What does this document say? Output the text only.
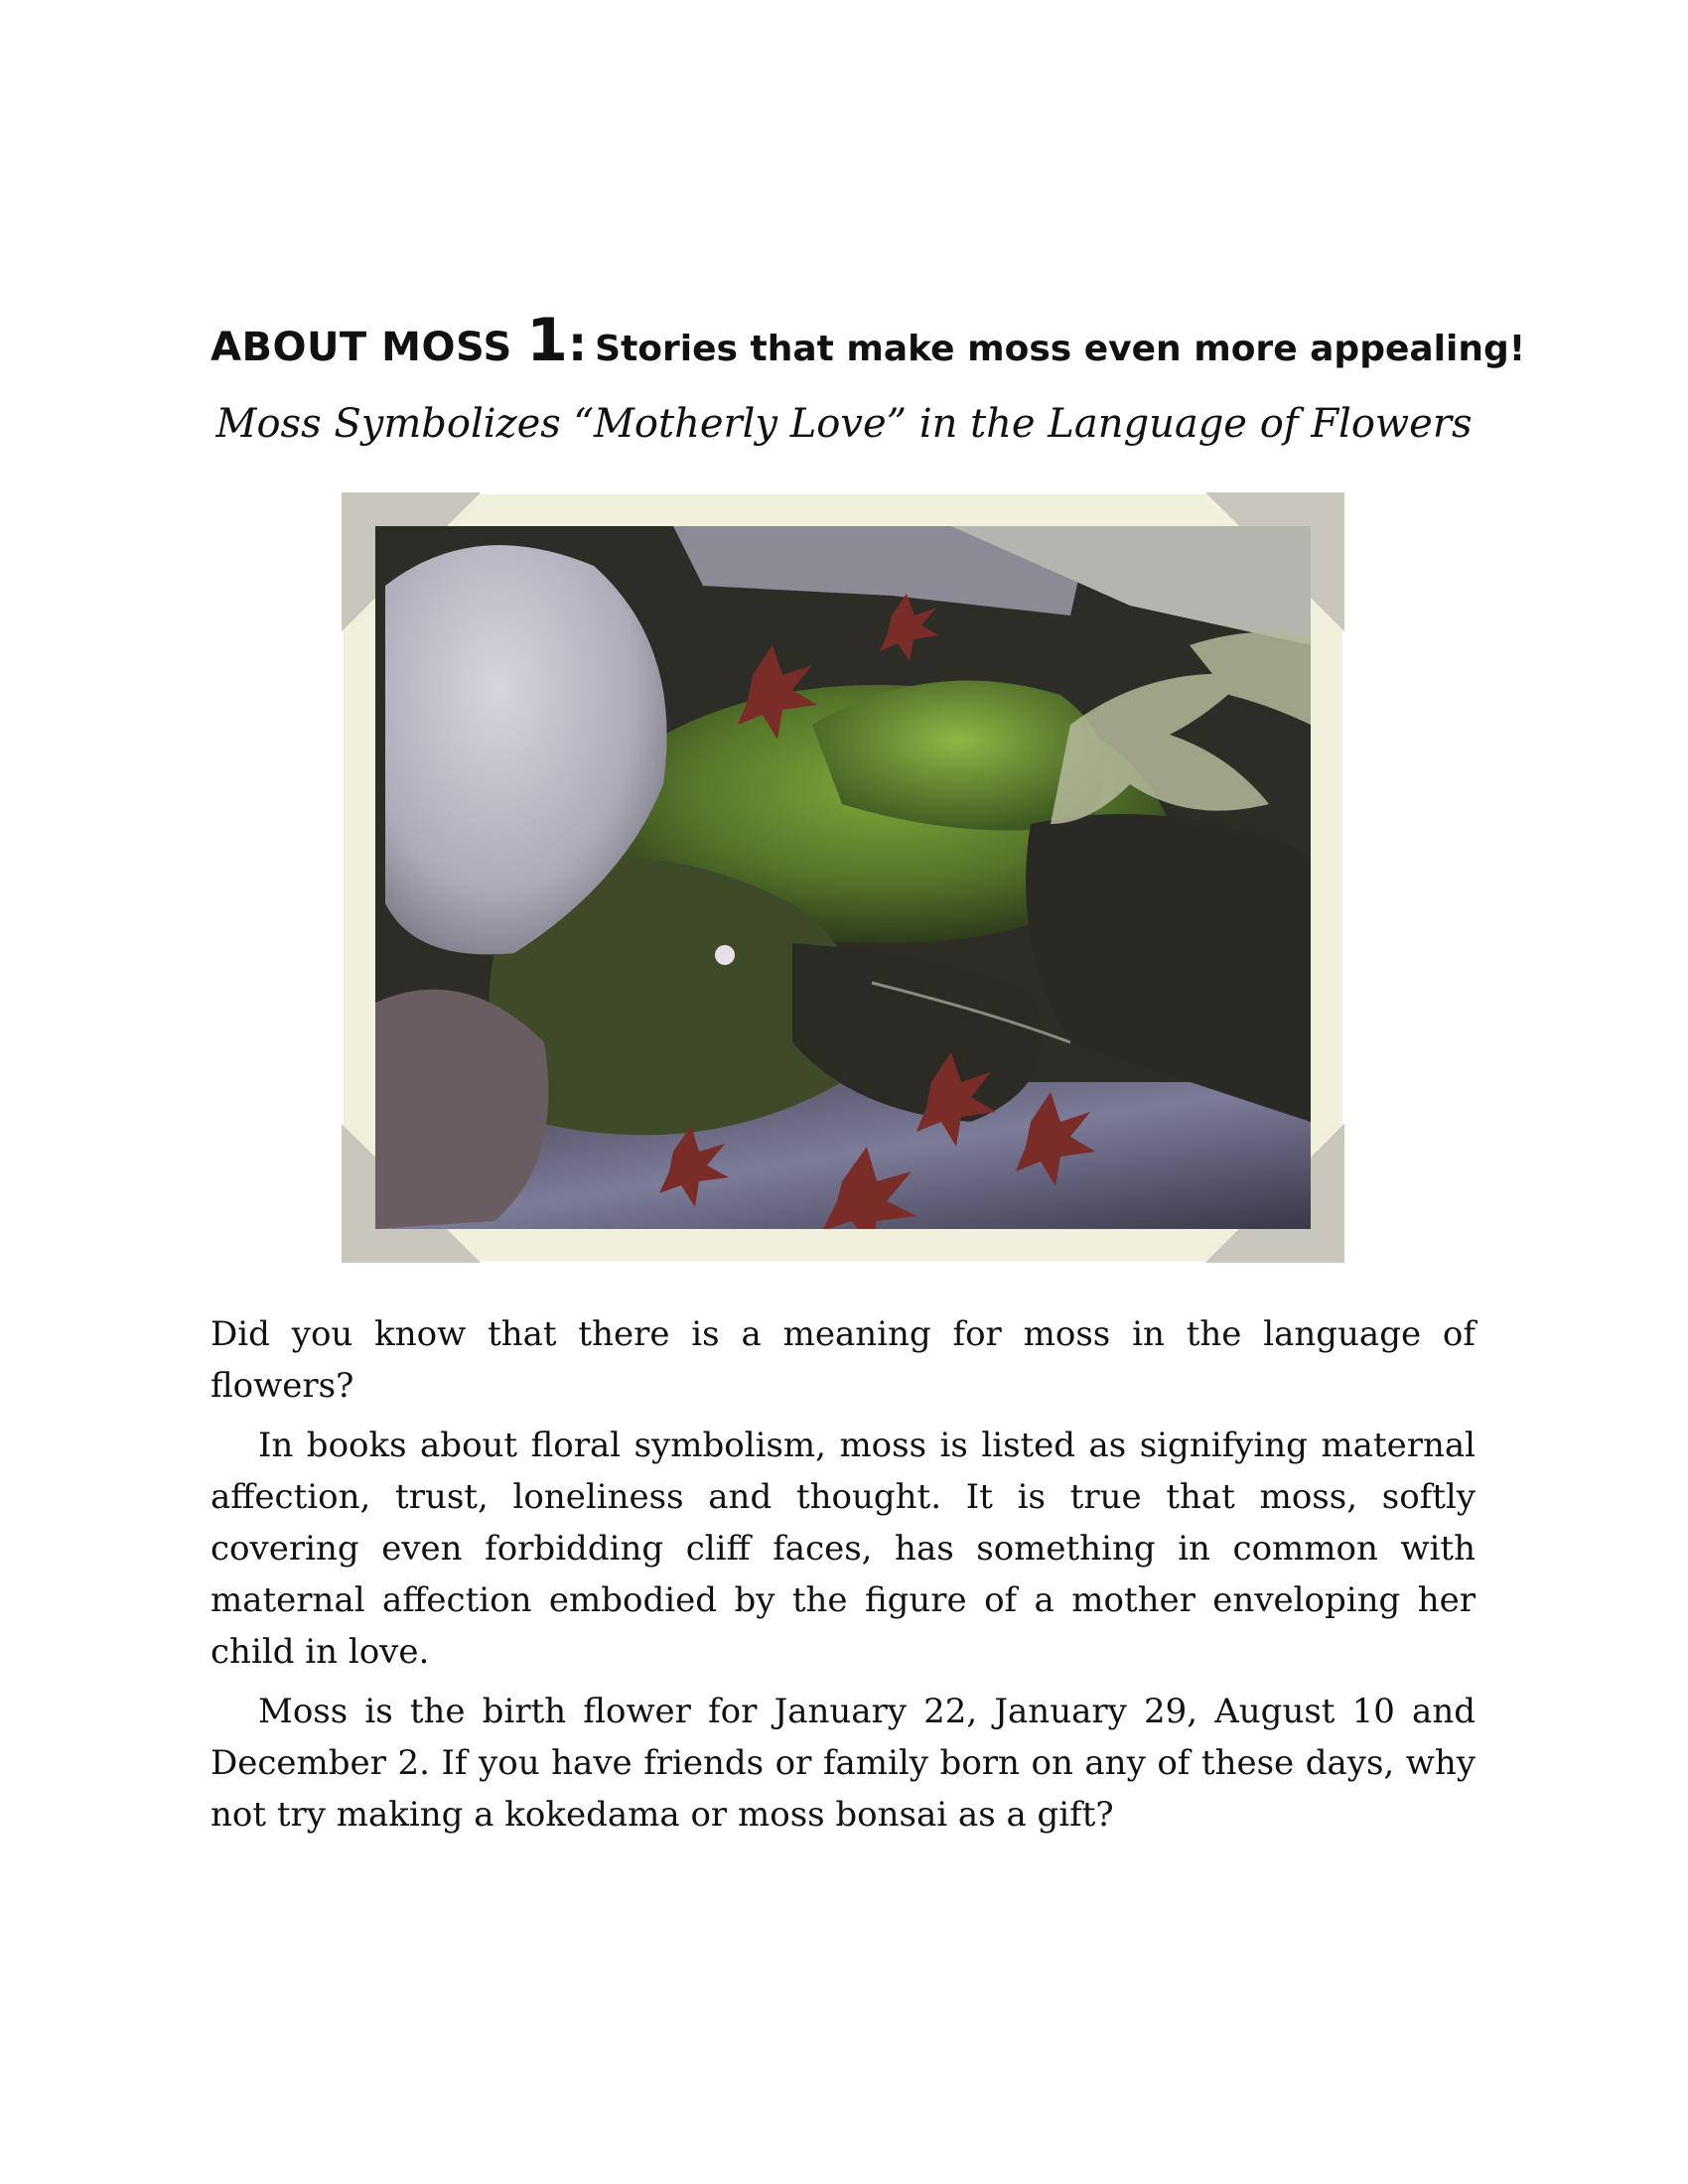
ABOUT MOSS 1: Stories that make moss even more appealing!
Moss Symbolizes “Motherly Love” in the Language of Flowers

Did you know that there is a meaning for moss in the language of flowers?

In books about floral symbolism, moss is listed as signifying maternal affection, trust, loneliness and thought. It is true that moss, softly covering even forbidding cliff faces, has something in common with maternal affection embodied by the figure of a mother enveloping her child in love.

Moss is the birth flower for January 22, January 29, August 10 and December 2. If you have friends or family born on any of these days, why not try making a kokedama or moss bonsai as a gift?
